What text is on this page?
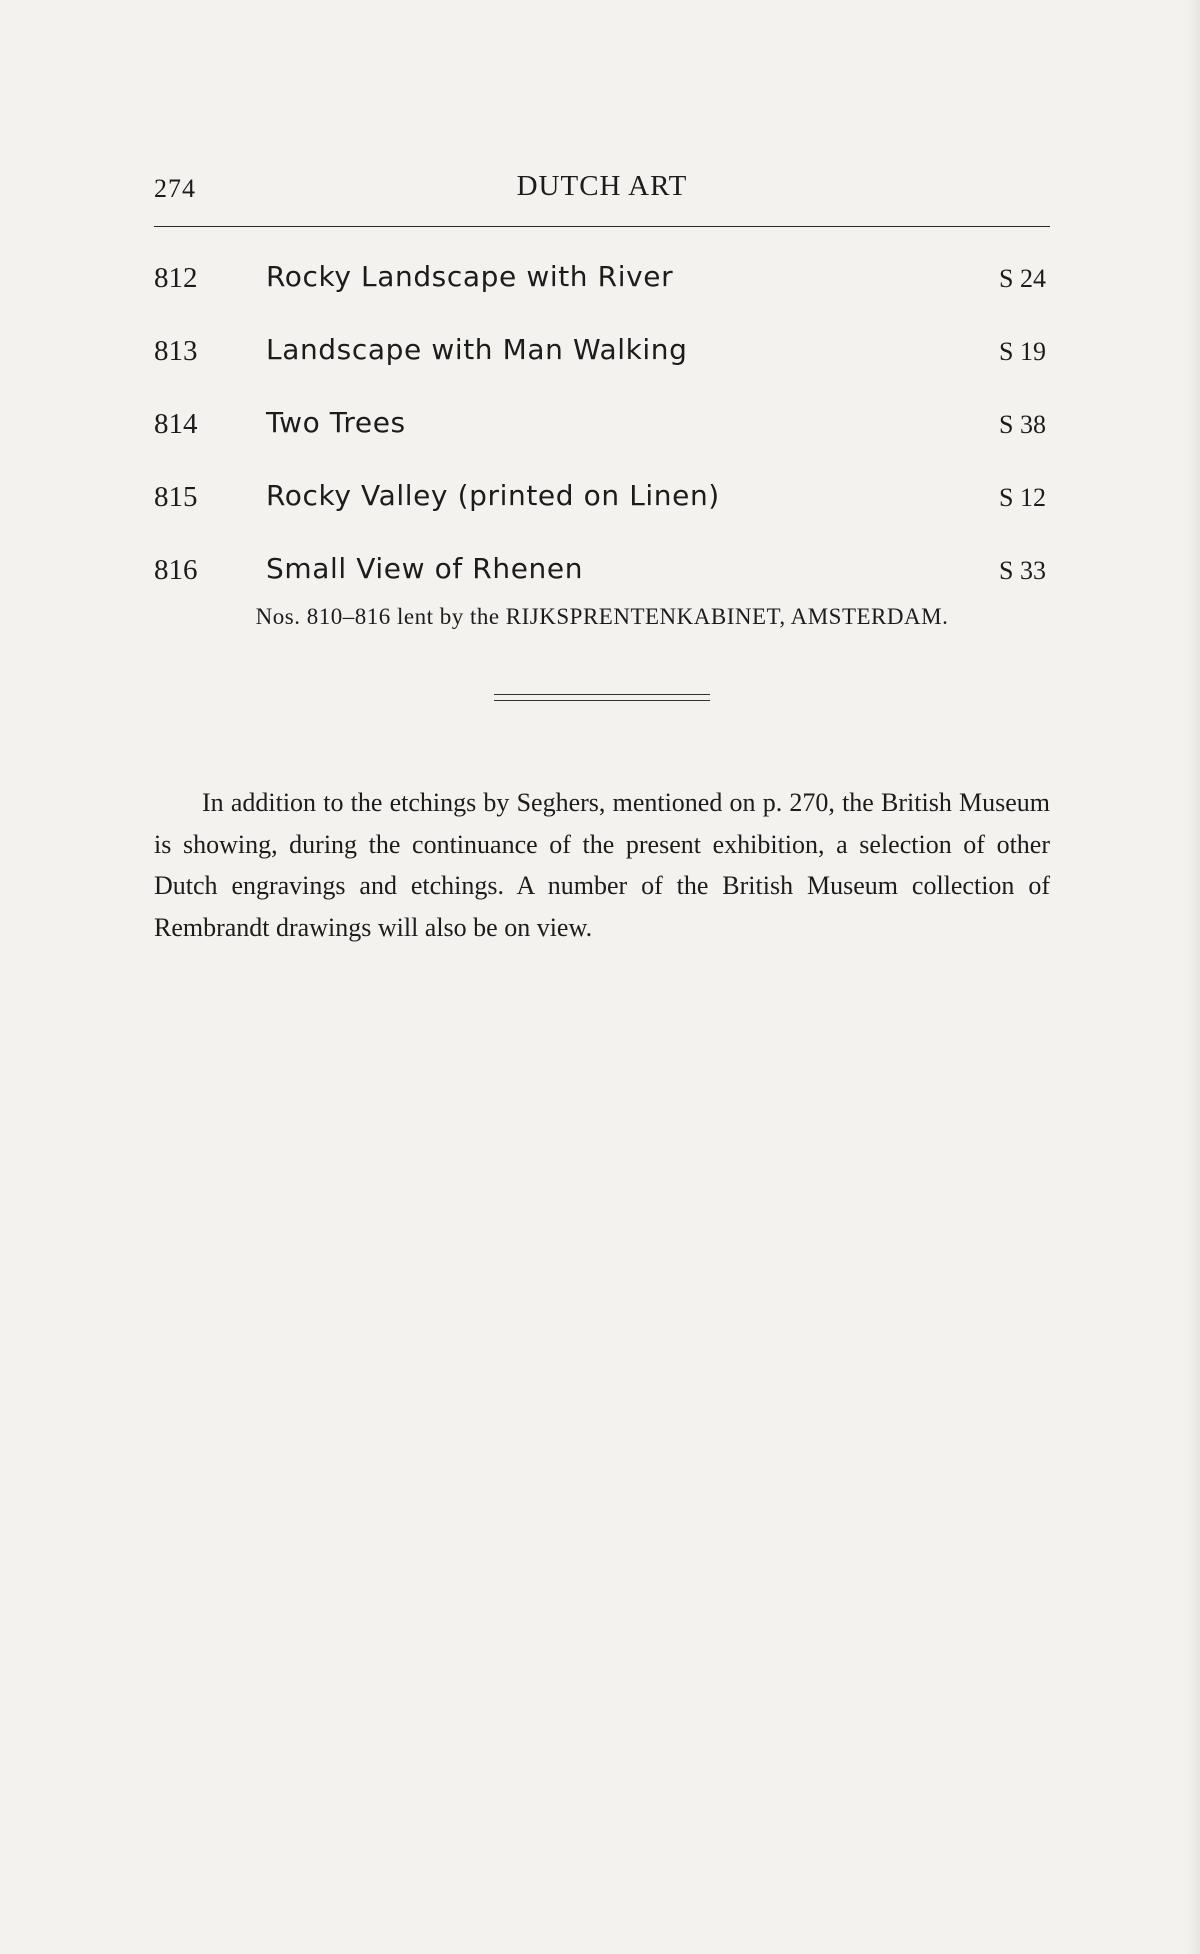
274	DUTCH ART
812 Rocky Landscape with River	S 24
813 Landscape with Man Walking	S 19
814 Two Trees	S 38
815 Rocky Valley (printed on Linen)	S 12
816 Small View of Rhenen	S 33
Nos. 810–816 lent by the RIJKSPRENTENKABINET, AMSTERDAM.

In addition to the etchings by Seghers, mentioned on p. 270, the British Museum is showing, during the continuance of the present exhibition, a selection of other Dutch engravings and etchings. A number of the British Museum collection of Rembrandt drawings will also be on view.
